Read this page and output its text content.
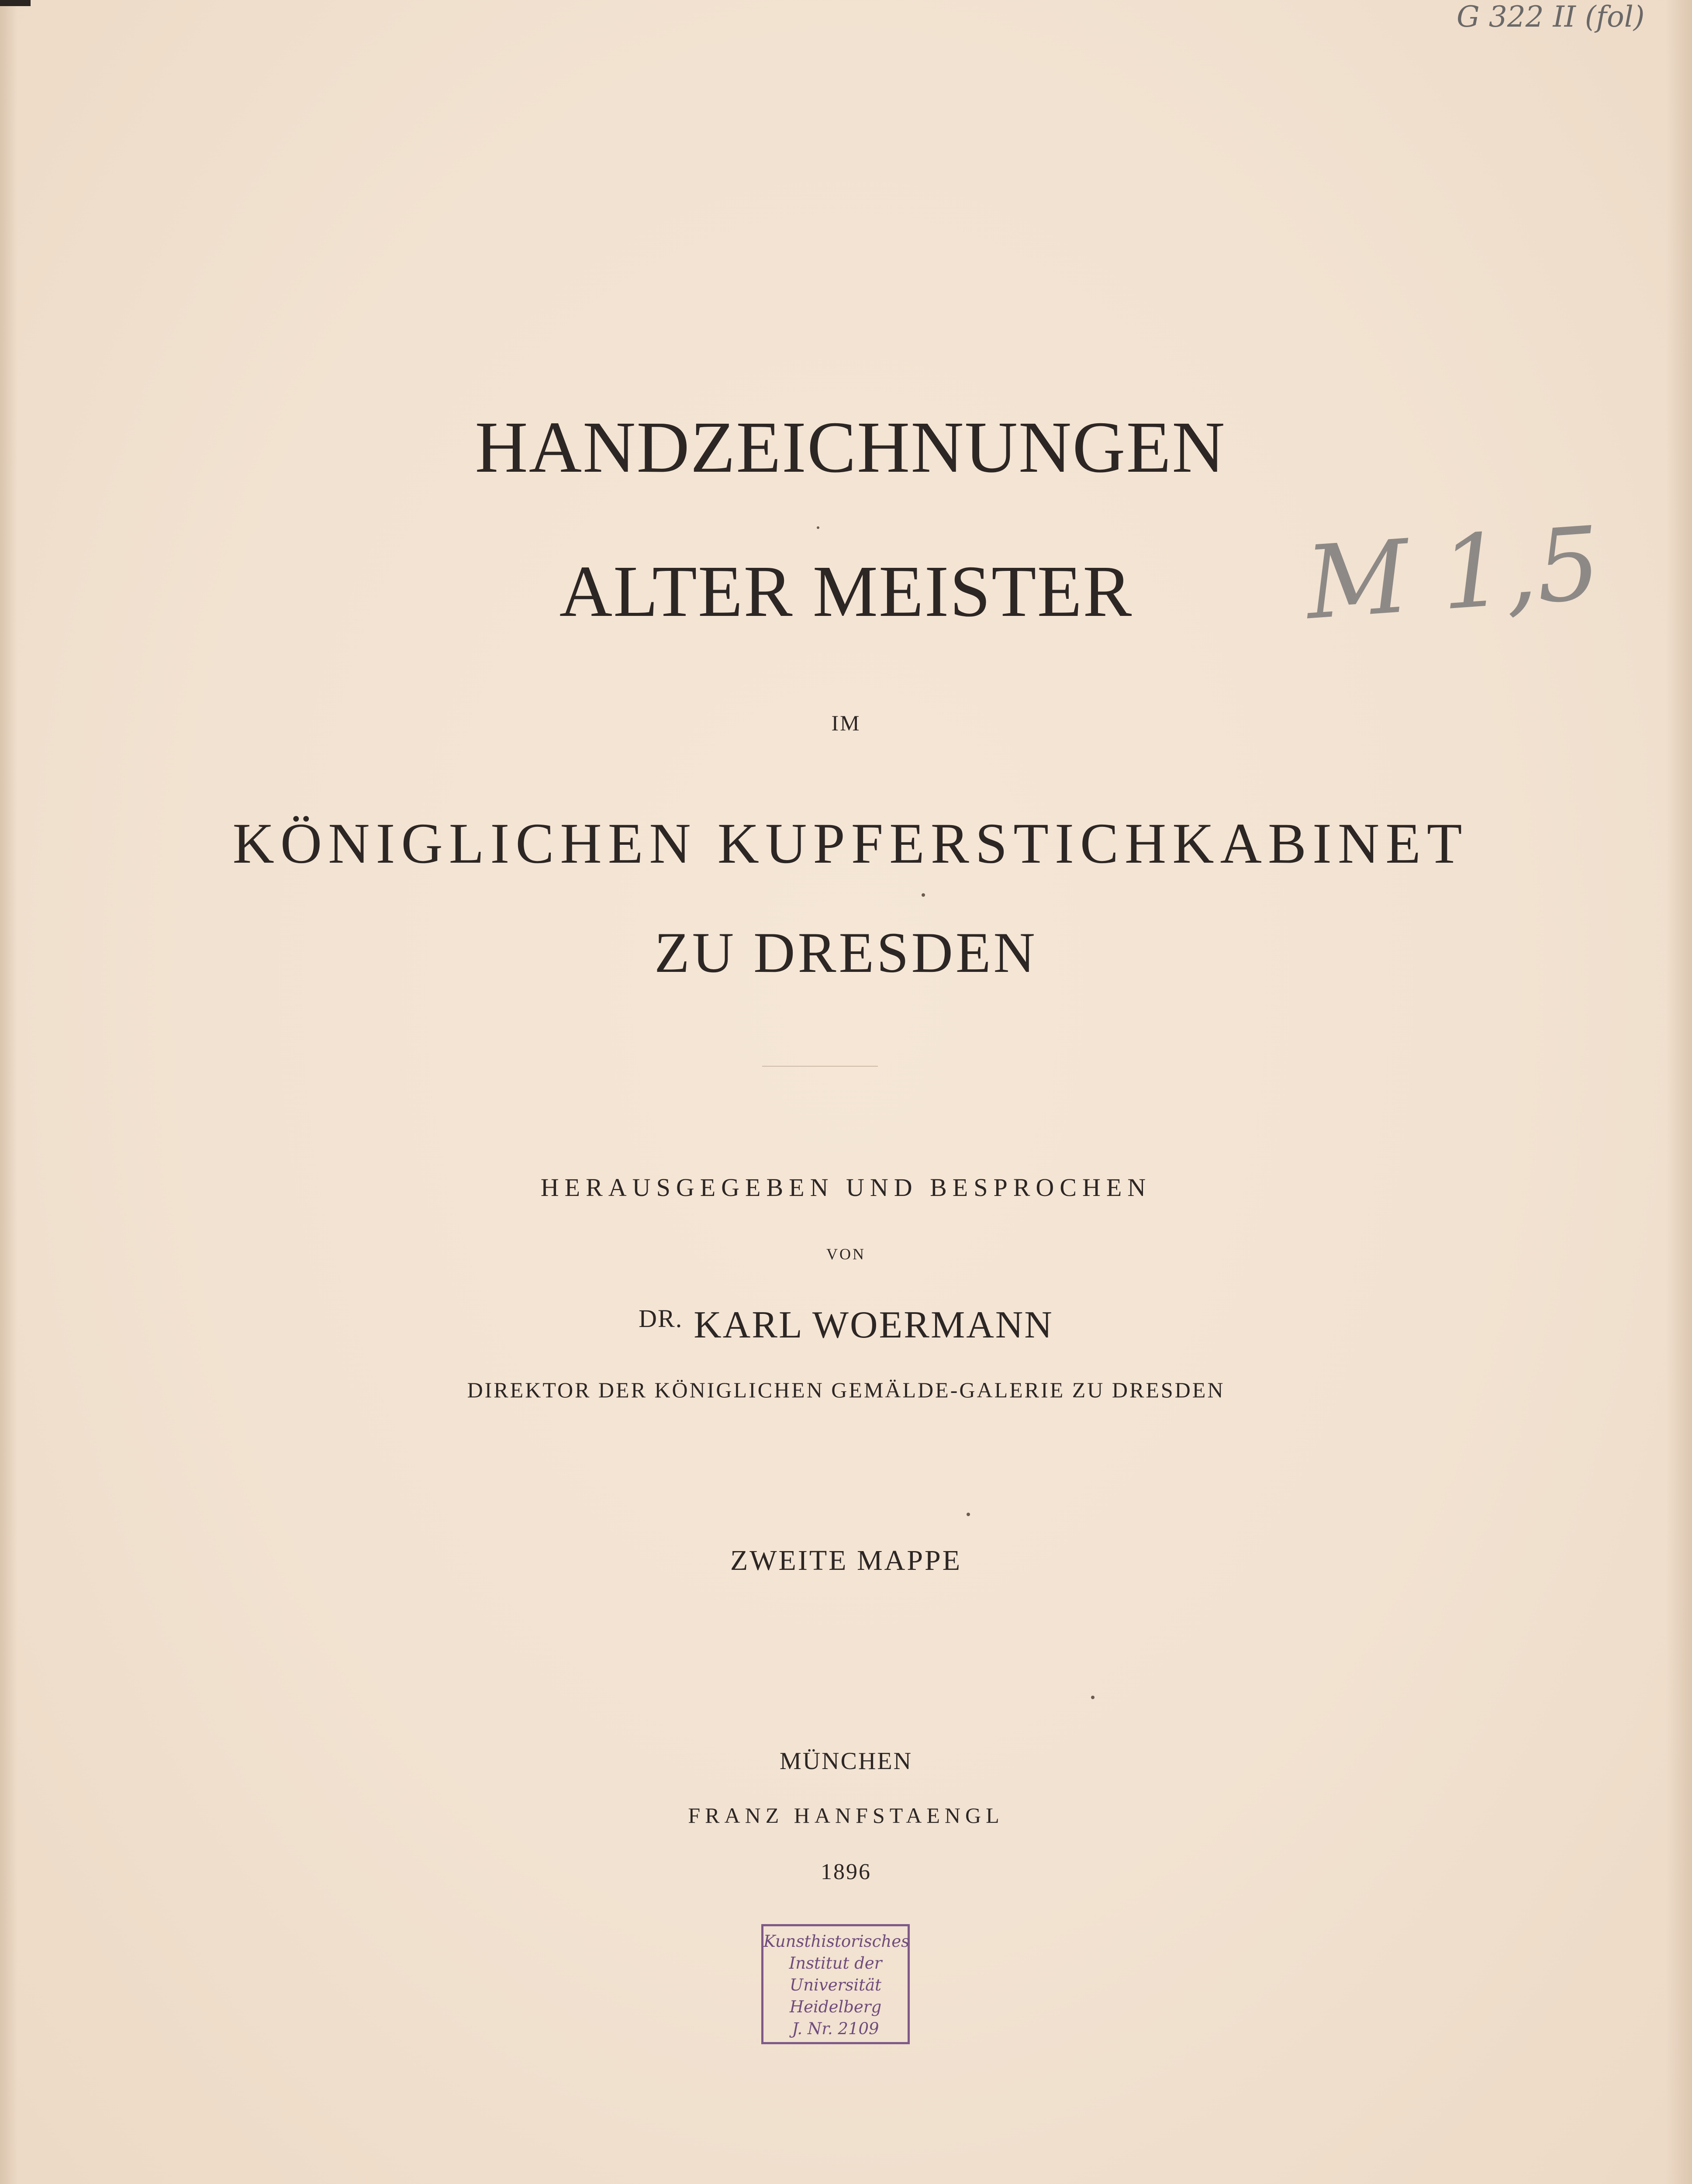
G 322 II (fol)
M 1,5
HANDZEICHNUNGEN
ALTER MEISTER
IM
KÖNIGLICHEN KUPFERSTICHKABINET
ZU DRESDEN
HERAUSGEGEBEN UND BESPROCHEN
VON
$^{DR.}$ KARL WOERMANN
DIREKTOR DER KÖNIGLICHEN GEMÄLDE-GALERIE ZU DRESDEN
ZWEITE MAPPE
MÜNCHEN
FRANZ HANFSTAENGL
1896
Kunsthistorisches
Institut der
Universität
Heidelberg
J. Nr. 2109
